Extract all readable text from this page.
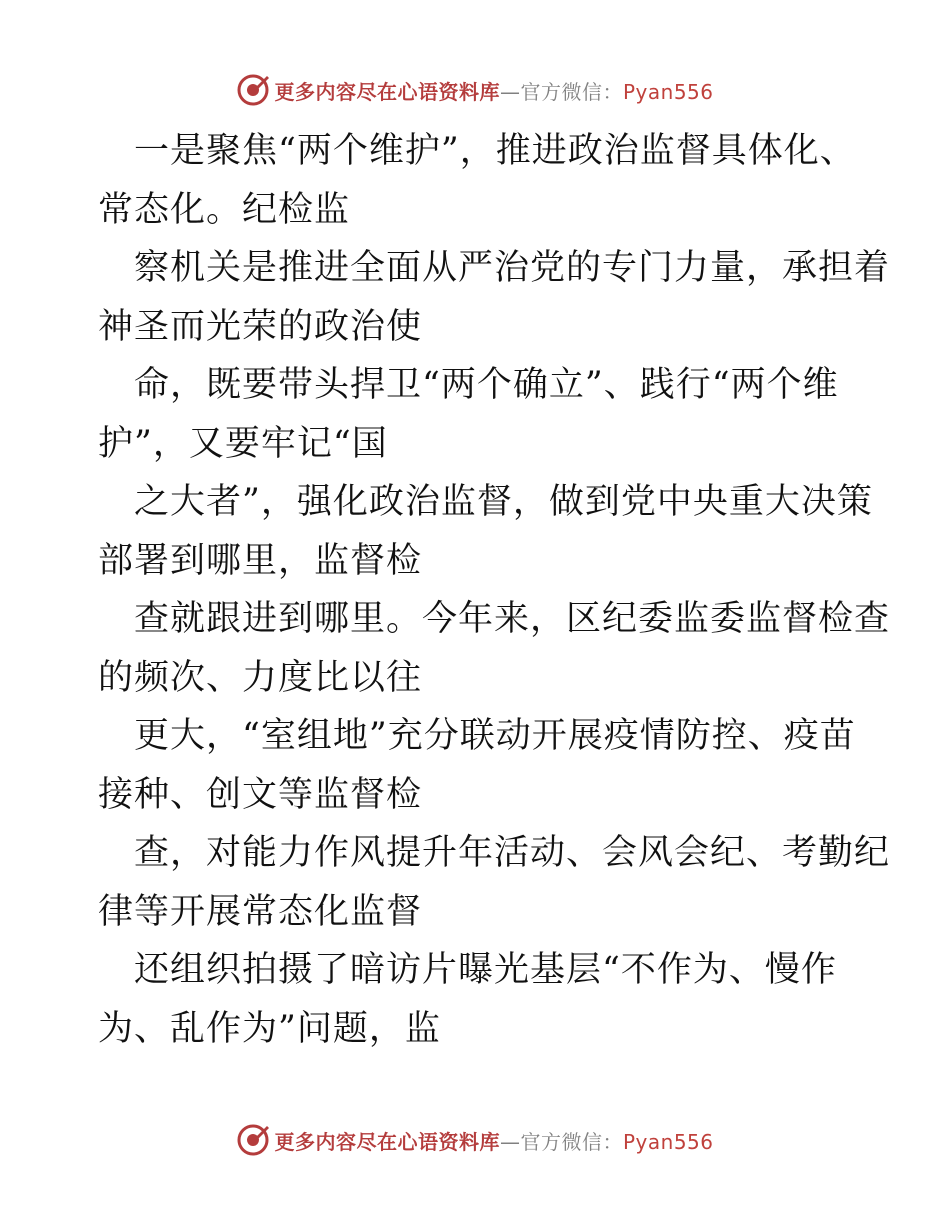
更多内容尽在心语资料库—官方微信：Pyan556
一是聚焦“两个维护”，推进政治监督具体化、
常态化。纪检监
察机关是推进全面从严治党的专门力量，承担着
神圣而光荣的政治使
命，既要带头捍卫“两个确立”、践行“两个维
护”，又要牢记“国
之大者”，强化政治监督，做到党中央重大决策
部署到哪里，监督检
查就跟进到哪里。今年来，区纪委监委监督检查
的频次、力度比以往
更大，“室组地”充分联动开展疫情防控、疫苗
接种、创文等监督检
查，对能力作风提升年活动、会风会纪、考勤纪
律等开展常态化监督
还组织拍摄了暗访片曝光基层“不作为、慢作
为、乱作为”问题，监
更多内容尽在心语资料库—官方微信：Pyan556
